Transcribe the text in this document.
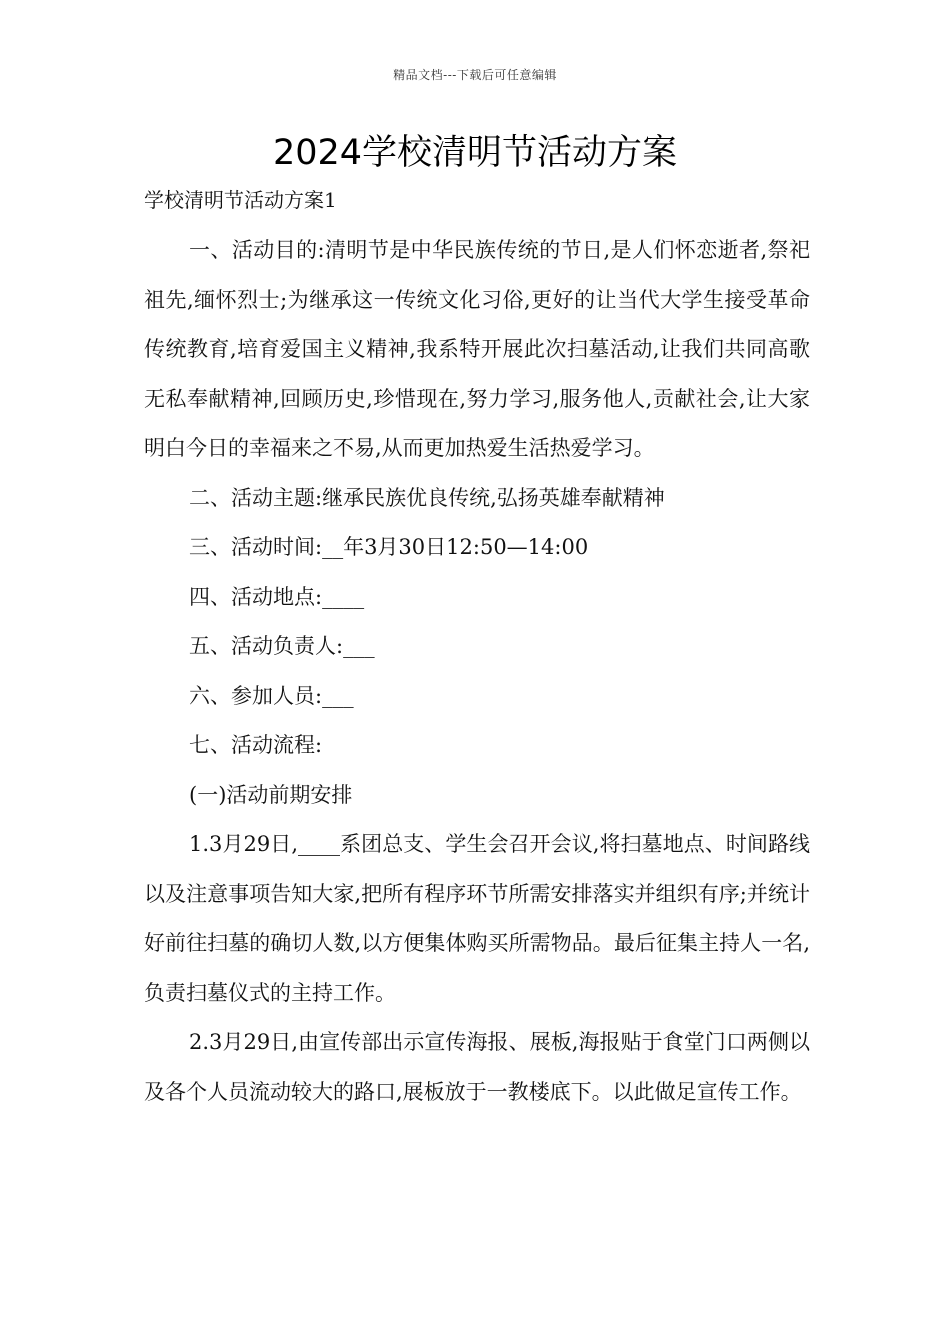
精品文档---下载后可任意编辑
2024学校清明节活动方案

学校清明节活动方案1

一、活动目的:清明节是中华民族传统的节日,是人们怀恋逝者,祭祀祖先,缅怀烈士;为继承这一传统文化习俗,更好的让当代大学生接受革命传统教育,培育爱国主义精神,我系特开展此次扫墓活动,让我们共同高歌无私奉献精神,回顾历史,珍惜现在,努力学习,服务他人,贡献社会,让大家明白今日的幸福来之不易,从而更加热爱生活热爱学习。

二、活动主题:继承民族优良传统,弘扬英雄奉献精神

三、活动时间:__年3月30日12:50—14:00

四、活动地点:____

五、活动负责人:___

六、参加人员:___

七、活动流程:

(一)活动前期安排

1.3月29日,____系团总支、学生会召开会议,将扫墓地点、时间路线以及注意事项告知大家,把所有程序环节所需安排落实并组织有序;并统计好前往扫墓的确切人数,以方便集体购买所需物品。最后征集主持人一名,负责扫墓仪式的主持工作。

2.3月29日,由宣传部出示宣传海报、展板,海报贴于食堂门口两侧以及各个人员流动较大的路口,展板放于一教楼底下。以此做足宣传工作。
